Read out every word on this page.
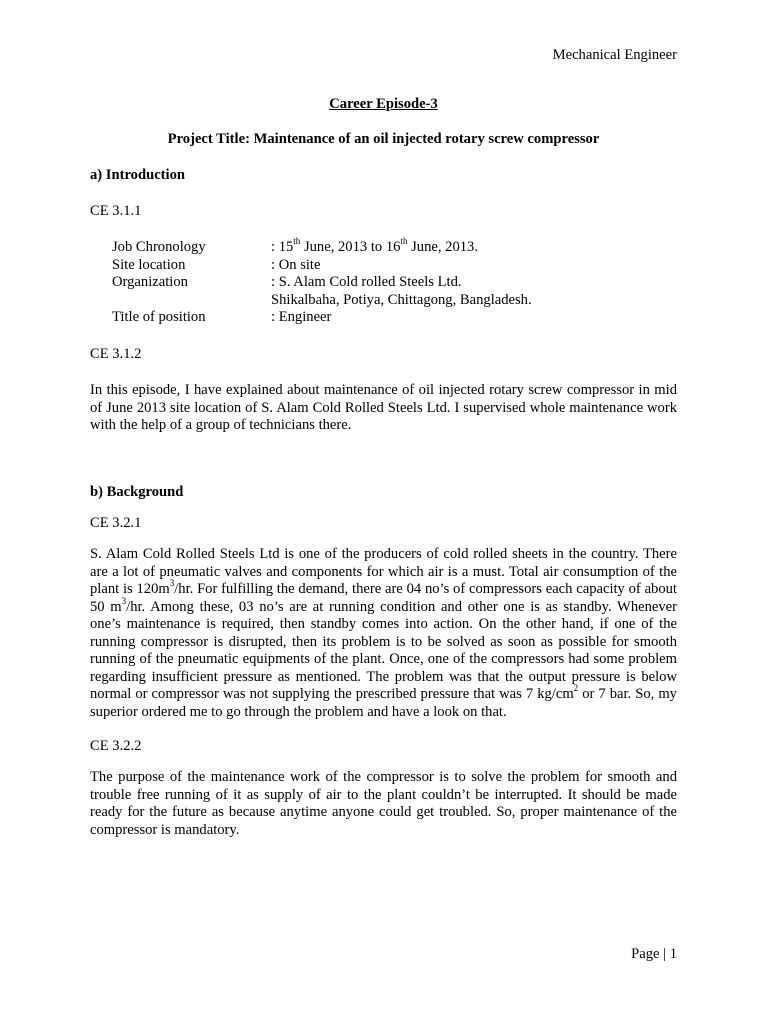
Mechanical Engineer
Career Episode-3
Project Title: Maintenance of an oil injected rotary screw compressor
a) Introduction
CE 3.1.1
Job Chronology	: 15th June, 2013 to 16th June, 2013.
Site location	: On site
Organization	: S. Alam Cold rolled Steels Ltd.
Shikalbaha, Potiya, Chittagong, Bangladesh.
Title of position	: Engineer
CE 3.1.2

In this episode, I have explained about maintenance of oil injected rotary screw compressor in mid of June 2013 site location of S. Alam Cold Rolled Steels Ltd. I supervised whole maintenance work with the help of a group of technicians there.

b) Background
CE 3.2.1

S. Alam Cold Rolled Steels Ltd is one of the producers of cold rolled sheets in the country. There are a lot of pneumatic valves and components for which air is a must. Total air consumption of the plant is $120m^3/hr$. For fulfilling the demand, there are 04 no’s of compressors each capacity of about 50 $m^3/hr$. Among these, 03 no’s are at running condition and other one is as standby. Whenever one’s maintenance is required, then standby comes into action. On the other hand, if one of the running compressor is disrupted, then its problem is to be solved as soon as possible for smooth running of the pneumatic equipments of the plant. Once, one of the compressors had some problem regarding insufficient pressure as mentioned. The problem was that the output pressure is below normal or compressor was not supplying the prescribed pressure that was 7 $kg/cm^2$ or 7 bar. So, my superior ordered me to go through the problem and have a look on that.

CE 3.2.2

The purpose of the maintenance work of the compressor is to solve the problem for smooth and trouble free running of it as supply of air to the plant couldn’t be interrupted. It should be made ready for the future as because anytime anyone could get troubled. So, proper maintenance of the compressor is mandatory.

Page | 1
